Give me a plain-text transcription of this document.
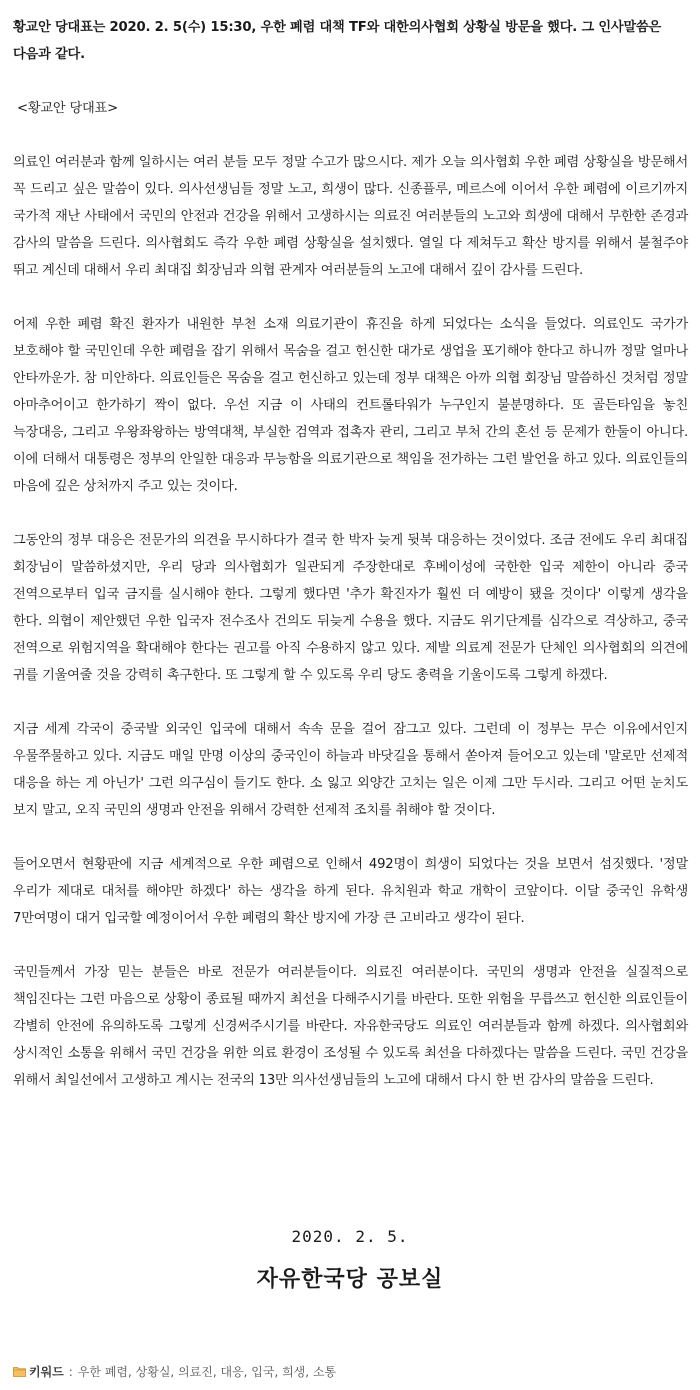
황교안 당대표는 2020. 2. 5(수) 15:30, 우한 폐렴 대책 TF와 대한의사협회 상황실 방문을 했다. 그 인사말씀은 다음과 같다.

<황교안 당대표>

의료인 여러분과 함께 일하시는 여러 분들 모두 정말 수고가 많으시다. 제가 오늘 의사협회 우한 폐렴 상황실을 방문해서 꼭 드리고 싶은 말씀이 있다. 의사선생님들 정말 노고, 희생이 많다. 신종플루, 메르스에 이어서 우한 폐렴에 이르기까지 국가적 재난 사태에서 국민의 안전과 건강을 위해서 고생하시는 의료진 여러분들의 노고와 희생에 대해서 무한한 존경과 감사의 말씀을 드린다. 의사협회도 즉각 우한 폐렴 상황실을 설치했다. 열일 다 제쳐두고 확산 방지를 위해서 불철주야 뛰고 계신데 대해서 우리 최대집 회장님과 의협 관계자 여러분들의 노고에 대해서 깊이 감사를 드린다.

어제 우한 폐렴 확진 환자가 내원한 부천 소재 의료기관이 휴진을 하게 되었다는 소식을 들었다. 의료인도 국가가 보호해야 할 국민인데 우한 폐렴을 잡기 위해서 목숨을 걸고 헌신한 대가로 생업을 포기해야 한다고 하니까 정말 얼마나 안타까운가. 참 미안하다. 의료인들은 목숨을 걸고 헌신하고 있는데 정부 대책은 아까 의협 회장님 말씀하신 것처럼 정말 아마추어이고 한가하기 짝이 없다. 우선 지금 이 사태의 컨트롤타워가 누구인지 불분명하다. 또 골든타임을 놓친 늑장대응, 그리고 우왕좌왕하는 방역대책, 부실한 검역과 접촉자 관리, 그리고 부처 간의 혼선 등 문제가 한둘이 아니다. 이에 더해서 대통령은 정부의 안일한 대응과 무능함을 의료기관으로 책임을 전가하는 그런 발언을 하고 있다. 의료인들의 마음에 깊은 상처까지 주고 있는 것이다.

그동안의 정부 대응은 전문가의 의견을 무시하다가 결국 한 박자 늦게 뒷북 대응하는 것이었다. 조금 전에도 우리 최대집 회장님이 말씀하셨지만, 우리 당과 의사협회가 일관되게 주장한대로 후베이성에 국한한 입국 제한이 아니라 중국 전역으로부터 입국 금지를 실시해야 한다. 그렇게 했다면 '추가 확진자가 훨씬 더 예방이 됐을 것이다' 이렇게 생각을 한다. 의협이 제안했던 우한 입국자 전수조사 건의도 뒤늦게 수용을 했다. 지금도 위기단계를 심각으로 격상하고, 중국 전역으로 위험지역을 확대해야 한다는 권고를 아직 수용하지 않고 있다. 제발 의료계 전문가 단체인 의사협회의 의견에 귀를 기울여줄 것을 강력히 촉구한다. 또 그렇게 할 수 있도록 우리 당도 총력을 기울이도록 그렇게 하겠다.

지금 세계 각국이 중국발 외국인 입국에 대해서 속속 문을 걸어 잠그고 있다. 그런데 이 정부는 무슨 이유에서인지 우물쭈물하고 있다. 지금도 매일 만명 이상의 중국인이 하늘과 바닷길을 통해서 쏟아져 들어오고 있는데 '말로만 선제적 대응을 하는 게 아닌가' 그런 의구심이 들기도 한다. 소 잃고 외양간 고치는 일은 이제 그만 두시라. 그리고 어떤 눈치도 보지 말고, 오직 국민의 생명과 안전을 위해서 강력한 선제적 조치를 취해야 할 것이다.

들어오면서 현황판에 지금 세계적으로 우한 폐렴으로 인해서 492명이 희생이 되었다는 것을 보면서 섬짓했다. '정말 우리가 제대로 대처를 해야만 하겠다' 하는 생각을 하게 된다. 유치원과 학교 개학이 코앞이다. 이달 중국인 유학생 7만여명이 대거 입국할 예정이어서 우한 폐렴의 확산 방지에 가장 큰 고비라고 생각이 된다.

국민들께서 가장 믿는 분들은 바로 전문가 여러분들이다. 의료진 여러분이다. 국민의 생명과 안전을 실질적으로 책임진다는 그런 마음으로 상황이 종료될 때까지 최선을 다해주시기를 바란다. 또한 위험을 무릅쓰고 헌신한 의료인들이 각별히 안전에 유의하도록 그렇게 신경써주시기를 바란다. 자유한국당도 의료인 여러분들과 함께 하겠다. 의사협회와 상시적인 소통을 위해서 국민 건강을 위한 의료 환경이 조성될 수 있도록 최선을 다하겠다는 말씀을 드린다. 국민 건강을 위해서 최일선에서 고생하고 계시는 전국의 13만 의사선생님들의 노고에 대해서 다시 한 번 감사의 말씀을 드린다.

2020. 2. 5.
자유한국당 공보실
키워드 : 우한 폐렴, 상황실, 의료진, 대응, 입국, 희생, 소통
